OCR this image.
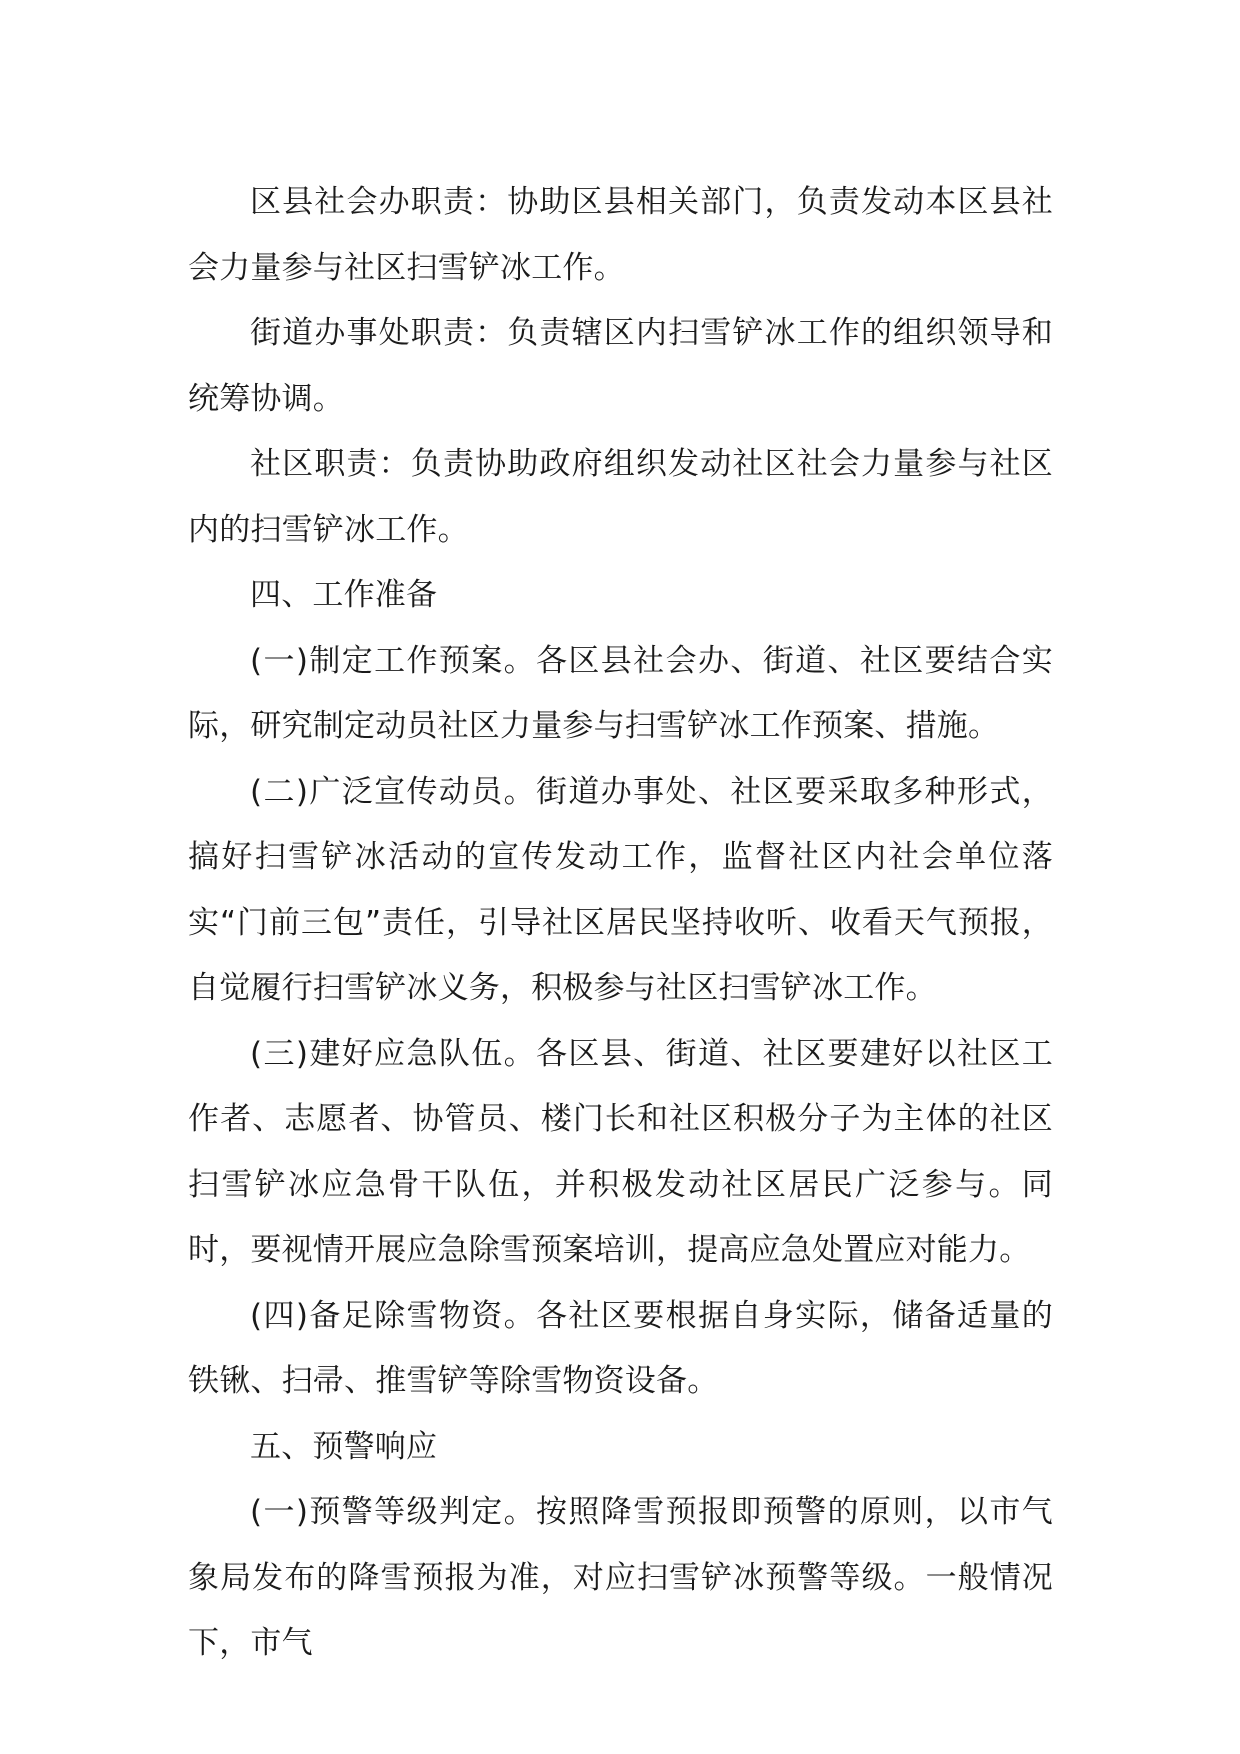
区县社会办职责：协助区县相关部门，负责发动本区县社会力量参与社区扫雪铲冰工作。

街道办事处职责：负责辖区内扫雪铲冰工作的组织领导和统筹协调。

社区职责：负责协助政府组织发动社区社会力量参与社区内的扫雪铲冰工作。

四、工作准备

(一)制定工作预案。各区县社会办、街道、社区要结合实际，研究制定动员社区力量参与扫雪铲冰工作预案、措施。

(二)广泛宣传动员。街道办事处、社区要采取多种形式，搞好扫雪铲冰活动的宣传发动工作，监督社区内社会单位落实“门前三包”责任，引导社区居民坚持收听、收看天气预报，自觉履行扫雪铲冰义务，积极参与社区扫雪铲冰工作。

(三)建好应急队伍。各区县、街道、社区要建好以社区工作者、志愿者、协管员、楼门长和社区积极分子为主体的社区扫雪铲冰应急骨干队伍，并积极发动社区居民广泛参与。同时，要视情开展应急除雪预案培训，提高应急处置应对能力。

(四)备足除雪物资。各社区要根据自身实际，储备适量的铁锹、扫帚、推雪铲等除雪物资设备。

五、预警响应

(一)预警等级判定。按照降雪预报即预警的原则，以市气象局发布的降雪预报为准，对应扫雪铲冰预警等级。一般情况下，市气
